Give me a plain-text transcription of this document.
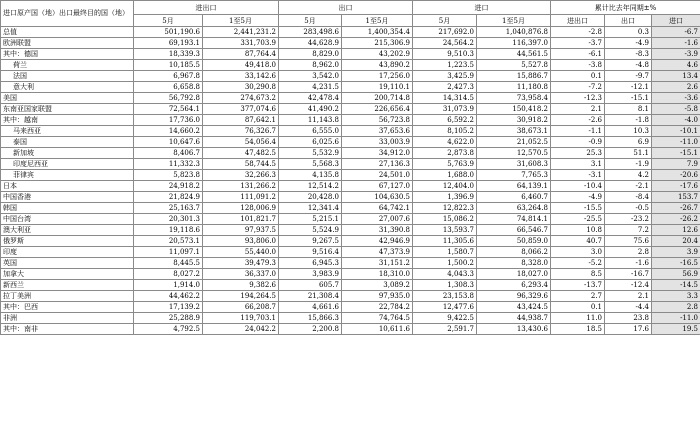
进口原产国（地）出口最终目的国（地）	进出口		出口		进口		累计比去年同期±%		
	5月	1至5月	5月	1至5月	5月	1至5月	进出口	出口	进口
总值	501,190.6	2,441,231.2	283,498.6	1,400,354.4	217,692.0	1,040,876.8	-2.8	0.3	-6.7
欧洲联盟	69,193.1	331,703.9	44,628.9	215,306.9	24,564.2	116,397.0	-3.7	-4.9	-1.6
其中：德国	18,339.3	87,764.4	8,829.0	43,202.9	9,510.3	44,561.5	-6.1	-8.3	-3.9
荷兰	10,185.5	49,418.0	8,962.0	43,890.2	1,223.5	5,527.8	-3.8	-4.8	4.6
法国	6,967.8	33,142.6	3,542.0	17,256.0	3,425.9	15,886.7	0.1	-9.7	13.4
意大利	6,658.8	30,290.8	4,231.5	19,110.1	2,427.3	11,180.8	-7.2	-12.1	2.6
美国	56,792.8	274,673.2	42,478.4	200,714.8	14,314.5	73,958.4	-12.3	-15.1	-3.6
东南亚国家联盟	72,564.1	377,074.6	41,490.2	226,656.4	31,073.9	150,418.2	2.1	8.1	-5.8
其中：越南	17,736.0	87,642.1	11,143.8	56,723.8	6,592.2	30,918.2	-2.6	-1.8	-4.0
马来西亚	14,660.2	76,326.7	6,555.0	37,653.6	8,105.2	38,673.1	-1.1	10.3	-10.1
泰国	10,647.6	54,056.4	6,025.6	33,003.9	4,622.0	21,052.5	-0.9	6.9	-11.0
新加坡	8,406.7	47,482.5	5,532.9	34,912.0	2,873.8	12,570.5	25.3	51.1	-15.1
印度尼西亚	11,332.3	58,744.5	5,568.3	27,136.3	5,763.9	31,608.3	3.1	-1.9	7.9
菲律宾	5,823.8	32,266.3	4,135.8	24,501.0	1,688.0	7,765.3	-3.1	4.2	-20.6
日本	24,918.2	131,266.2	12,514.2	67,127.0	12,404.0	64,139.1	-10.4	-2.1	-17.6
中国香港	21,824.9	111,091.2	20,428.0	104,630.5	1,396.9	6,460.7	-4.9	-8.4	153.7
韩国	25,163.7	128,006.9	12,341.4	64,742.1	12,822.3	63,264.8	-15.5	-0.5	-26.7
中国台湾	20,301.3	101,821.7	5,215.1	27,007.6	15,086.2	74,814.1	-25.5	-23.2	-26.2
澳大利亚	19,118.6	97,937.5	5,524.9	31,390.8	13,593.7	66,546.7	10.8	7.2	12.6
俄罗斯	20,573.1	93,806.0	9,267.5	42,946.9	11,305.6	50,859.0	40.7	75.6	20.4
印度	11,097.1	55,440.0	9,516.4	47,373.9	1,580.7	8,066.2	3.0	2.8	3.9
英国	8,445.5	39,479.3	6,945.3	31,151.2	1,500.2	8,328.0	-5.2	-1.6	-16.5
加拿大	8,027.2	36,337.0	3,983.9	18,310.0	4,043.3	18,027.0	8.5	-16.7	56.9
新西兰	1,914.0	9,382.6	605.7	3,089.2	1,308.3	6,293.4	-13.7	-12.4	-14.5
拉丁美洲	44,462.2	194,264.5	21,308.4	97,935.0	23,153.8	96,329.6	2.7	2.1	3.3
其中：巴西	17,139.2	66,208.7	4,661.6	22,784.2	12,477.6	43,424.5	0.1	-4.4	2.8
非洲	25,288.9	119,703.1	15,866.3	74,764.5	9,422.5	44,938.7	11.0	23.8	-11.0
其中：南非	4,792.5	24,042.2	2,200.8	10,611.6	2,591.7	13,430.6	18.5	17.6	19.5
